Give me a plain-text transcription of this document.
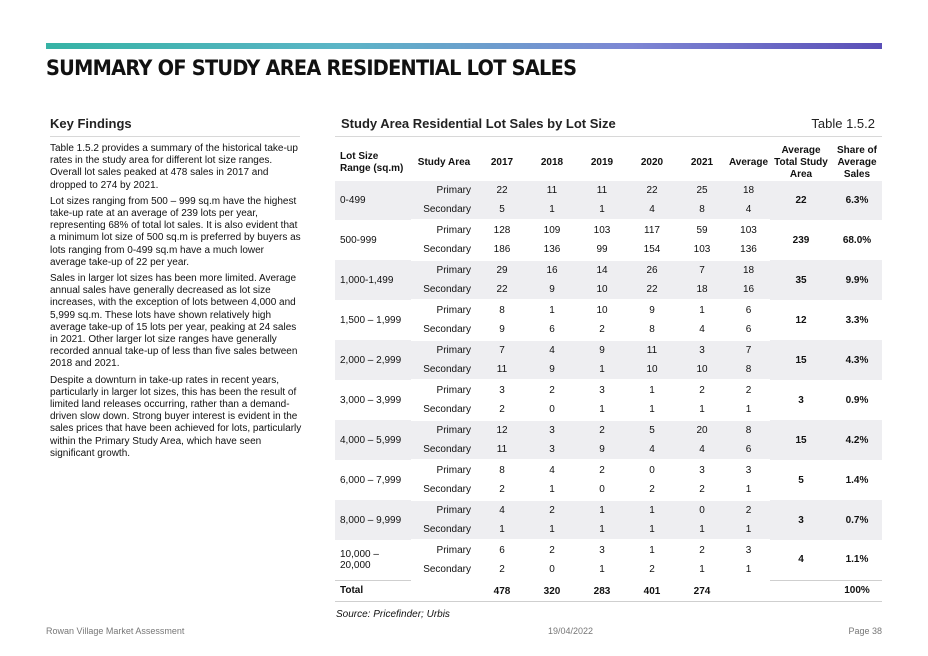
SUMMARY OF STUDY AREA RESIDENTIAL LOT SALES
Key Findings

Table 1.5.2 provides a summary of the historical take-up rates in the study area for different lot size ranges. Overall lot sales peaked at 478 sales in 2017 and dropped to 274 by 2021.

Lot sizes ranging from 500 – 999 sq.m have the highest take-up rate at an average of 239 lots per year, representing 68% of total lot sales. It is also evident that a minimum lot size of 500 sq.m is preferred by buyers as lots ranging from 0-499 sq.m have a much lower average take-up of 22 per year.

Sales in larger lot sizes has been more limited. Average annual sales have generally decreased as lot size increases, with the exception of lots between 4,000 and 5,999 sq.m. These lots have shown relatively high average take-up of 15 lots per year, peaking at 24 sales in 2021. Other larger lot size ranges have generally recorded annual take-up of less than five sales between 2018 and 2021.

Despite a downturn in take-up rates in recent years, particularly in larger lot sizes, this has been the result of limited land releases occurring, rather than a demand-driven slow down. Strong buyer interest is evident in the sales prices that have been achieved for lots, particularly within the Primary Study Area, which have seen significant growth.

Study Area Residential Lot Sales by Lot Size	Table 1.5.2
Lot Size Range (sq.m)	Study Area	2017	2018	2019	2020	2021	Average	Average Total Study Area	Share of Average Sales
0-499	Primary	22	11	11	22	25	18	22	6.3%
	Secondary	5	1	1	4	8	4		
500-999	Primary	128	109	103	117	59	103	239	68.0%
	Secondary	186	136	99	154	103	136		
1,000-1,499	Primary	29	16	14	26	7	18	35	9.9%
	Secondary	22	9	10	22	18	16		
1,500 – 1,999	Primary	8	1	10	9	1	6	12	3.3%
	Secondary	9	6	2	8	4	6		
2,000 – 2,999	Primary	7	4	9	11	3	7	15	4.3%
	Secondary	11	9	1	10	10	8		
3,000 – 3,999	Primary	3	2	3	1	2	2	3	0.9%
	Secondary	2	0	1	1	1	1		
4,000 – 5,999	Primary	12	3	2	5	20	8	15	4.2%
	Secondary	11	3	9	4	4	6		
6,000 – 7,999	Primary	8	4	2	0	3	3	5	1.4%
	Secondary	2	1	0	2	2	1		
8,000 – 9,999	Primary	4	2	1	1	0	2	3	0.7%
	Secondary	1	1	1	1	1	1		
10,000 – 20,000	Primary	6	2	3	1	2	3	4	1.1%
	Secondary	2	0	1	2	1	1		
Total		478	320	283	401	274			100%
Source: Pricefinder; Urbis
Rowan Village Market Assessment	19/04/2022	Page 38
